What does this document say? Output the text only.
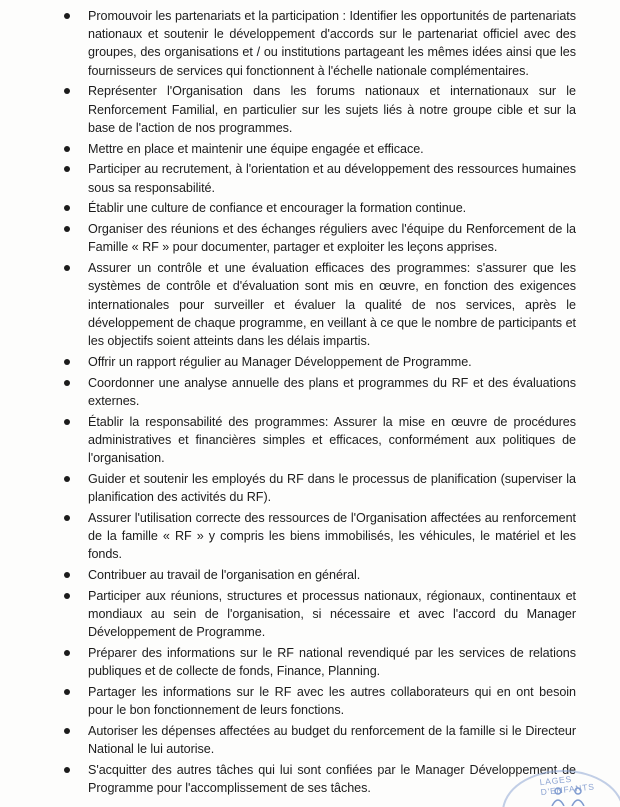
Promouvoir les partenariats et la participation : Identifier les opportunités de partenariats nationaux et soutenir le développement d'accords sur le partenariat officiel avec des groupes, des organisations et / ou institutions partageant les mêmes idées ainsi que les fournisseurs de services qui fonctionnent à l'échelle nationale complémentaires.
Représenter l'Organisation dans les forums nationaux et internationaux sur le Renforcement Familial, en particulier sur les sujets liés à notre groupe cible et sur la base de l'action de nos programmes.
Mettre en place et maintenir une équipe engagée et efficace.
Participer au recrutement, à l'orientation et au développement des ressources humaines sous sa responsabilité.
Établir une culture de confiance et encourager la formation continue.
Organiser des réunions et des échanges réguliers avec l'équipe du Renforcement de la Famille « RF » pour documenter, partager et exploiter les leçons apprises.
Assurer un contrôle et une évaluation efficaces des programmes: s'assurer que les systèmes de contrôle et d'évaluation sont mis en œuvre, en fonction des exigences internationales pour surveiller et évaluer la qualité de nos services, après le développement de chaque programme, en veillant à ce que le nombre de participants et les objectifs soient atteints dans les délais impartis.
Offrir un rapport régulier au Manager Développement de Programme.
Coordonner une analyse annuelle des plans et programmes du RF et des évaluations externes.
Établir la responsabilité des programmes: Assurer la mise en œuvre de procédures administratives et financières simples et efficaces, conformément aux politiques de l'organisation.
Guider et soutenir les employés du RF dans le processus de planification (superviser la planification des activités du RF).
Assurer l'utilisation correcte des ressources de l'Organisation affectées au renforcement de la famille « RF » y compris les biens immobilisés, les véhicules, le matériel et les fonds.
Contribuer au travail de l'organisation en général.
Participer aux réunions, structures et processus nationaux, régionaux, continentaux et mondiaux au sein de l'organisation, si nécessaire et avec l'accord du Manager Développement de Programme.
Préparer des informations sur le RF national revendiqué par les services de relations publiques et de collecte de fonds, Finance, Planning.
Partager les informations sur le RF avec les autres collaborateurs qui en ont besoin pour le bon fonctionnement de leurs fonctions.
Autoriser les dépenses affectées au budget du renforcement de la famille si le Directeur National le lui autorise.
S'acquitter des autres tâches qui lui sont confiées par le Manager Développement de Programme pour l'accomplissement de ses tâches.
LAGES D'ENFANTS
